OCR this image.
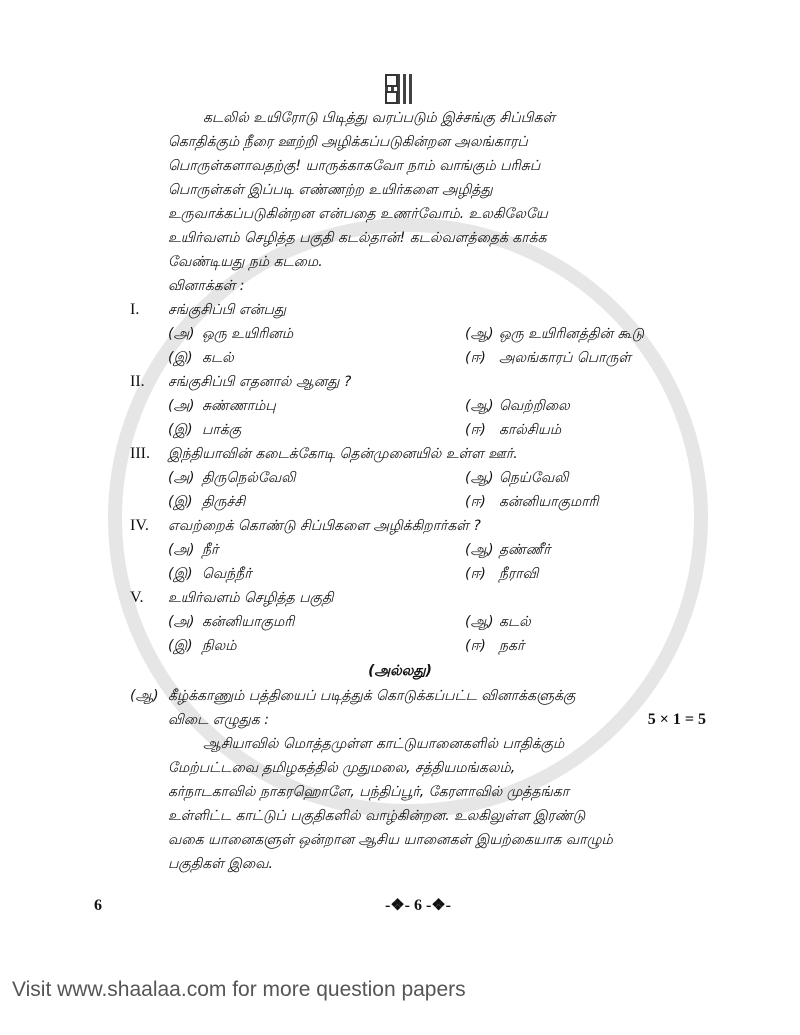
கடலில் உயிரோடு பிடித்து வரப்படும் இச்சங்கு சிப்பிகள்
கொதிக்கும் நீரை ஊற்றி அழிக்கப்படுகின்றன அலங்காரப்
பொருள்களாவதற்கு! யாருக்காகவோ நாம் வாங்கும் பரிசுப்
பொருள்கள் இப்படி எண்ணற்ற உயிர்களை அழித்து
உருவாக்கப்படுகின்றன என்பதை உணர்வோம். உலகிலேயே
உயிர்வளம் செழித்த பகுதி கடல்தான்! கடல்வளத்தைக் காக்க
வேண்டியது நம் கடமை.
வினாக்கள் :
I.	சங்குசிப்பி என்பது
(அ) ஒரு உயிரினம்	(ஆ) ஒரு உயிரினத்தின் கூடு
(இ) கடல்	(ஈ) அலங்காரப் பொருள்
II.	சங்குசிப்பி எதனால் ஆனது ?
(அ) சுண்ணாம்பு	(ஆ) வெற்றிலை
(இ) பாக்கு	(ஈ) கால்சியம்
III.	இந்தியாவின் கடைக்கோடி தென்முனையில் உள்ள ஊர்.
(அ) திருநெல்வேலி	(ஆ) நெய்வேலி
(இ) திருச்சி	(ஈ) கன்னியாகுமாரி
IV.	எவற்றைக் கொண்டு சிப்பிகளை அழிக்கிறார்கள் ?
(அ) நீர்	(ஆ) தண்ணீர்
(இ) வெந்நீர்	(ஈ) நீராவி
V.	உயிர்வளம் செழித்த பகுதி
(அ) கன்னியாகுமரி	(ஆ) கடல்
(இ) நிலம்	(ஈ) நகர்
(அல்லது)
(ஆ) கீழ்க்காணும் பத்தியைப் படித்துக் கொடுக்கப்பட்ட வினாக்களுக்கு
விடை எழுதுக :	5 × 1 = 5
ஆசியாவில் மொத்தமுள்ள காட்டுயானைகளில் பாதிக்கும்
மேற்பட்டவை தமிழகத்தில் முதுமலை, சத்தியமங்கலம்,
கர்நாடகாவில் நாகரஹொளே, பந்திப்பூர், கேரளாவில் முத்தங்கா
உள்ளிட்ட காட்டுப் பகுதிகளில் வாழ்கின்றன. உலகிலுள்ள இரண்டு
வகை யானைகளுள் ஒன்றான ஆசிய யானைகள் இயற்கையாக வாழும்
பகுதிகள் இவை.
6	-❖- 6 -❖-
Visit www.shaalaa.com for more question papers
